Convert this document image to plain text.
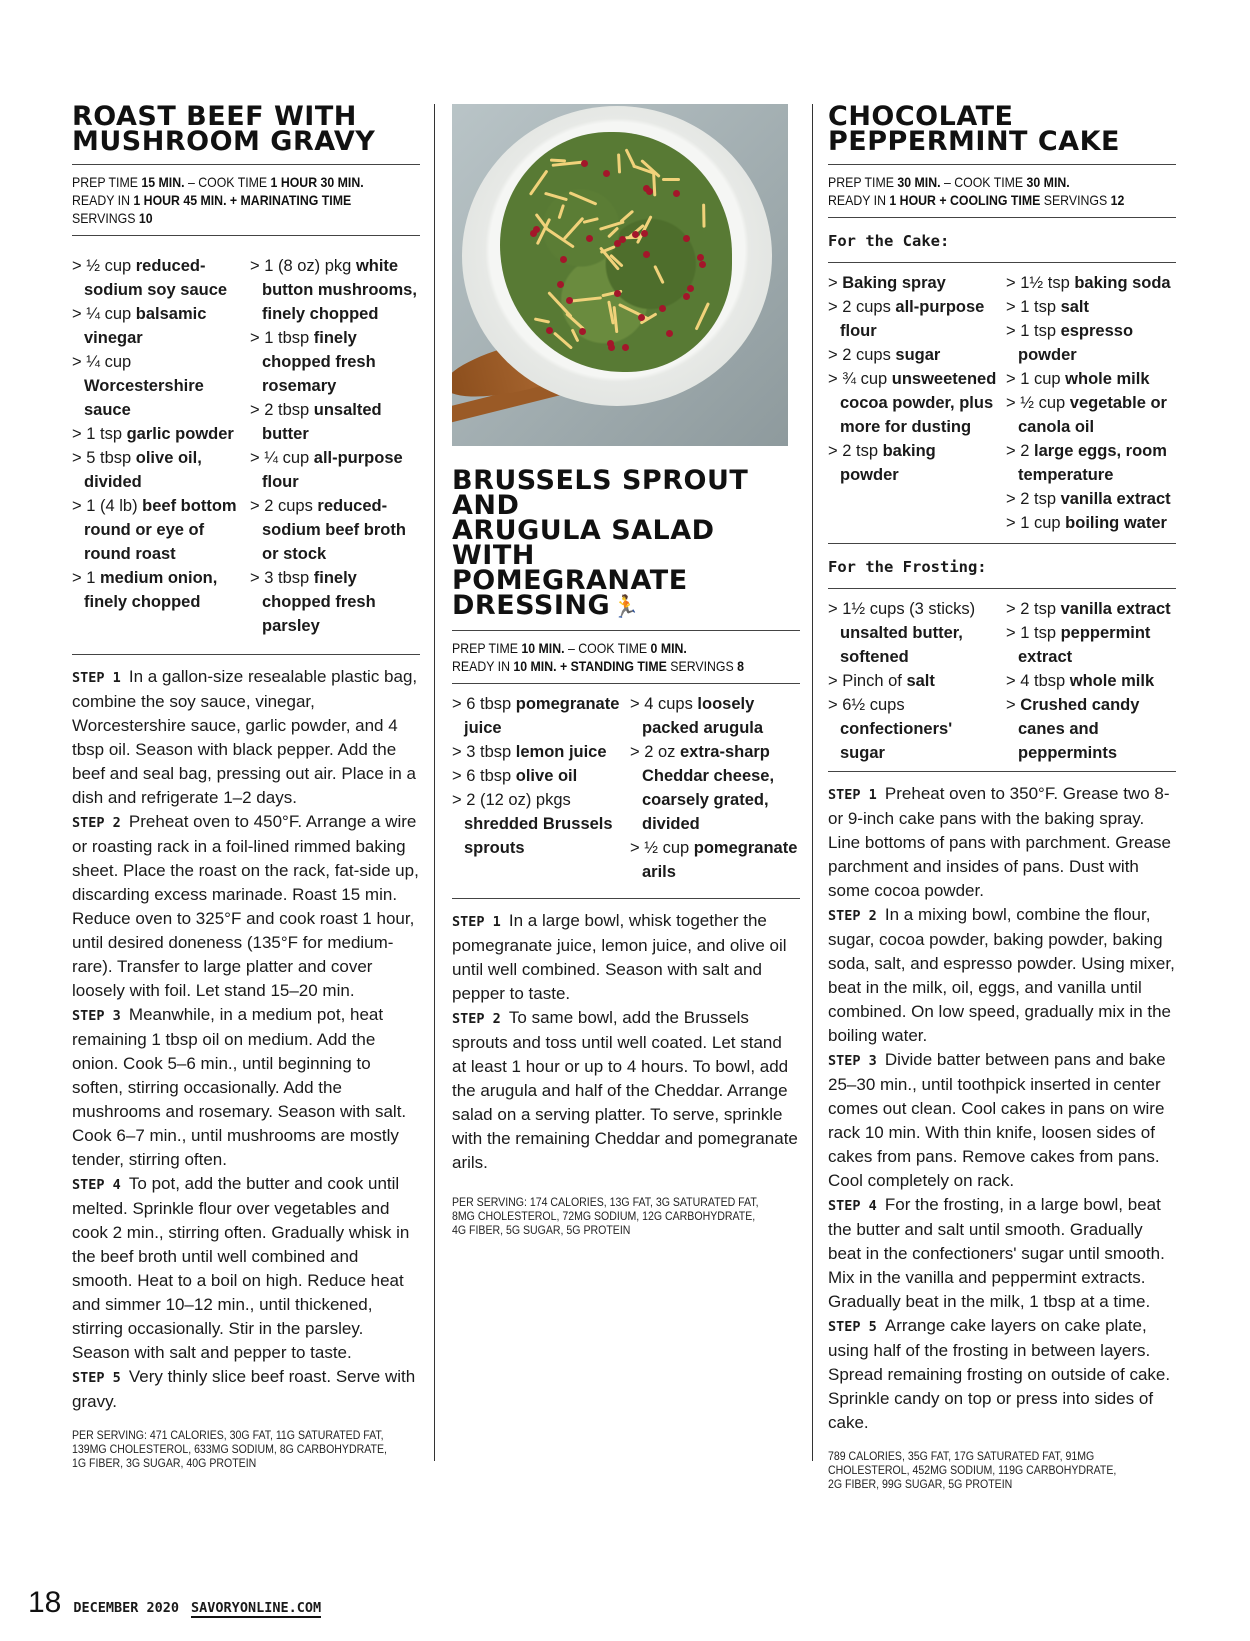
ROAST BEEF WITH
MUSHROOM GRAVY
PREP TIME 15 MIN. – COOK TIME 1 HOUR 30 MIN.
READY IN 1 HOUR 45 MIN. + MARINATING TIME
SERVINGS 10
> ½ cup reduced-sodium soy sauce
> ¼ cup balsamic vinegar
> ¼ cup Worcestershire sauce
> 1 tsp garlic powder
> 5 tbsp olive oil, divided
> 1 (4 lb) beef bottom round or eye of round roast
> 1 medium onion, finely chopped
> 1 (8 oz) pkg white button mushrooms, finely chopped
> 1 tbsp finely chopped fresh rosemary
> 2 tbsp unsalted butter
> ¼ cup all-purpose flour
> 2 cups reduced-sodium beef broth or stock
> 3 tbsp finely chopped fresh parsley

STEP 1 In a gallon-size resealable plastic bag, combine the soy sauce, vinegar, Worcestershire sauce, garlic powder, and 4 tbsp oil. Season with black pepper. Add the beef and seal bag, pressing out air. Place in a dish and refrigerate 1–2 days.

STEP 2 Preheat oven to 450°F. Arrange a wire or roasting rack in a foil-lined rimmed baking sheet. Place the roast on the rack, fat-side up, discarding excess marinade. Roast 15 min. Reduce oven to 325°F and cook roast 1 hour, until desired doneness (135°F for medium-rare). Transfer to large platter and cover loosely with foil. Let stand 15–20 min.

STEP 3 Meanwhile, in a medium pot, heat remaining 1 tbsp oil on medium. Add the onion. Cook 5–6 min., until beginning to soften, stirring occasionally. Add the mushrooms and rosemary. Season with salt. Cook 6–7 min., until mushrooms are mostly tender, stirring often.

STEP 4 To pot, add the butter and cook until melted. Sprinkle flour over vegetables and cook 2 min., stirring often. Gradually whisk in the beef broth until well combined and smooth. Heat to a boil on high. Reduce heat and simmer 10–12 min., until thickened, stirring occasionally. Stir in the parsley. Season with salt and pepper to taste.

STEP 5 Very thinly slice beef roast. Serve with gravy.

PER SERVING: 471 CALORIES, 30G FAT, 11G SATURATED FAT,
139MG CHOLESTEROL, 633MG SODIUM, 8G CARBOHYDRATE,
1G FIBER, 3G SUGAR, 40G PROTEIN
BRUSSELS SPROUT AND
ARUGULA SALAD WITH
POMEGRANATE DRESSING🏃
PREP TIME 10 MIN. – COOK TIME 0 MIN.
READY IN 10 MIN. + STANDING TIME SERVINGS 8
> 6 tbsp pomegranate juice
> 3 tbsp lemon juice
> 6 tbsp olive oil
> 2 (12 oz) pkgs shredded Brussels sprouts
> 4 cups loosely packed arugula
> 2 oz extra-sharp Cheddar cheese, coarsely grated, divided
> ½ cup pomegranate arils

STEP 1 In a large bowl, whisk together the pomegranate juice, lemon juice, and olive oil until well combined. Season with salt and pepper to taste.

STEP 2 To same bowl, add the Brussels sprouts and toss until well coated. Let stand at least 1 hour or up to 4 hours. To bowl, add the arugula and half of the Cheddar. Arrange salad on a serving platter. To serve, sprinkle with the remaining Cheddar and pomegranate arils.

PER SERVING: 174 CALORIES, 13G FAT, 3G SATURATED FAT,
8MG CHOLESTEROL, 72MG SODIUM, 12G CARBOHYDRATE,
4G FIBER, 5G SUGAR, 5G PROTEIN
CHOCOLATE
PEPPERMINT CAKE
PREP TIME 30 MIN. – COOK TIME 30 MIN.
READY IN 1 HOUR + COOLING TIME SERVINGS 12
For the Cake:
> Baking spray
> 2 cups all-purpose flour
> 2 cups sugar
> ¾ cup unsweetened cocoa powder, plus more for dusting
> 2 tsp baking powder
> 1½ tsp baking soda
> 1 tsp salt
> 1 tsp espresso powder
> 1 cup whole milk
> ½ cup vegetable or canola oil
> 2 large eggs, room temperature
> 2 tsp vanilla extract
> 1 cup boiling water
For the Frosting:
> 1½ cups (3 sticks) unsalted butter, softened
> Pinch of salt
> 6½ cups confectioners' sugar
> 2 tsp vanilla extract
> 1 tsp peppermint extract
> 4 tbsp whole milk
> Crushed candy canes and peppermints

STEP 1 Preheat oven to 350°F. Grease two 8- or 9-inch cake pans with the baking spray. Line bottoms of pans with parchment. Grease parchment and insides of pans. Dust with some cocoa powder.

STEP 2 In a mixing bowl, combine the flour, sugar, cocoa powder, baking powder, baking soda, salt, and espresso powder. Using mixer, beat in the milk, oil, eggs, and vanilla until combined. On low speed, gradually mix in the boiling water.

STEP 3 Divide batter between pans and bake 25–30 min., until toothpick inserted in center comes out clean. Cool cakes in pans on wire rack 10 min. With thin knife, loosen sides of cakes from pans. Remove cakes from pans. Cool completely on rack.

STEP 4 For the frosting, in a large bowl, beat the butter and salt until smooth. Gradually beat in the confectioners' sugar until smooth. Mix in the vanilla and peppermint extracts. Gradually beat in the milk, 1 tbsp at a time.

STEP 5 Arrange cake layers on cake plate, using half of the frosting in between layers. Spread remaining frosting on outside of cake. Sprinkle candy on top or press into sides of cake.

789 CALORIES, 35G FAT, 17G SATURATED FAT, 91MG
CHOLESTEROL, 452MG SODIUM, 119G CARBOHYDRATE,
2G FIBER, 99G SUGAR, 5G PROTEIN
18 DECEMBER 2020 SAVORYONLINE.COM
